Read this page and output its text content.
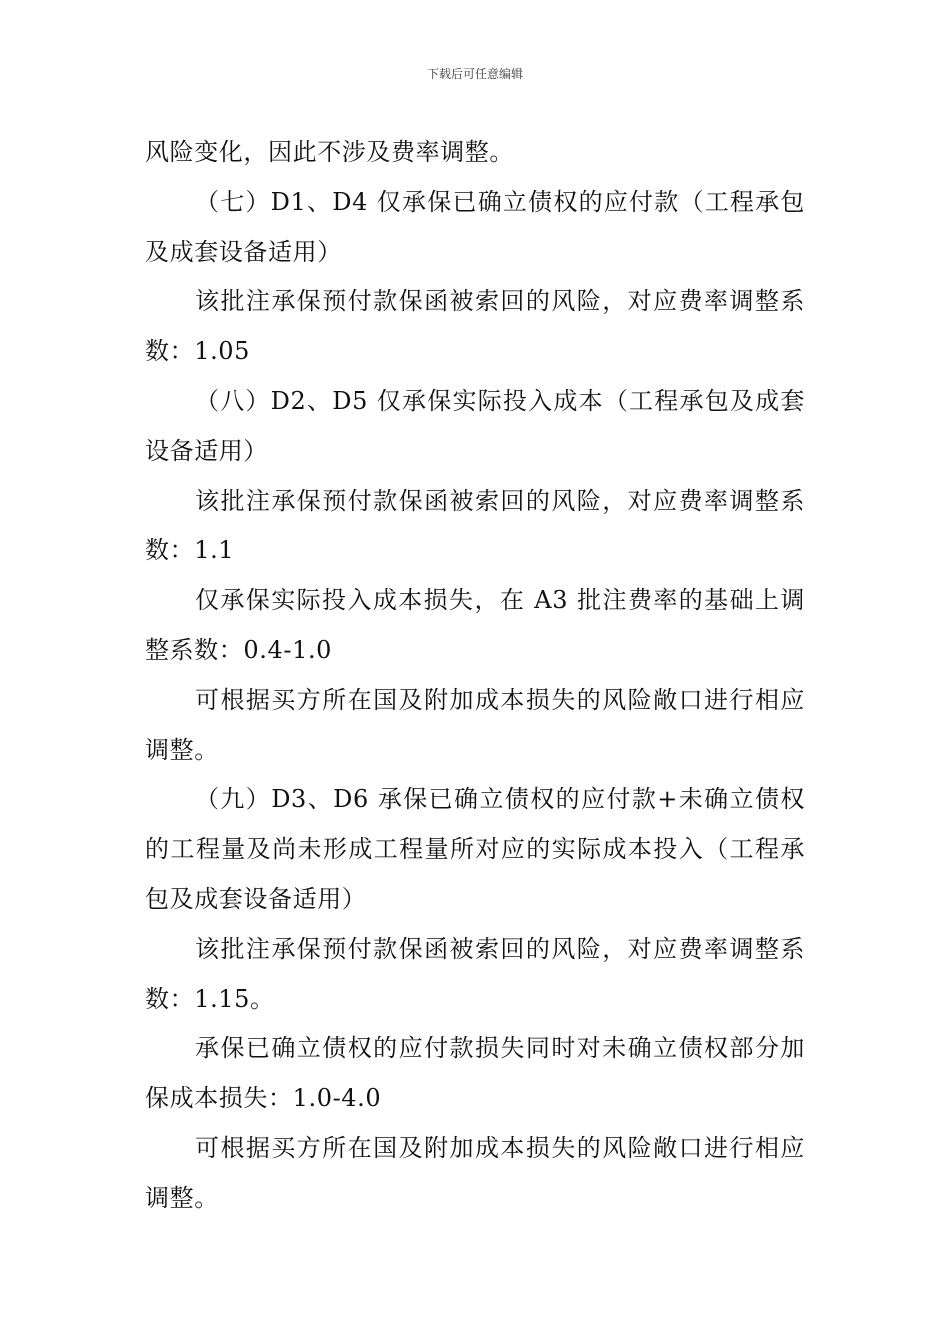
下载后可任意编辑

风险变化，因此不涉及费率调整。

（七）D1、D4 仅承保已确立债权的应付款（工程承包及成套设备适用）

该批注承保预付款保函被索回的风险，对应费率调整系数：1.05

（八）D2、D5 仅承保实际投入成本（工程承包及成套设备适用）

该批注承保预付款保函被索回的风险，对应费率调整系数：1.1

仅承保实际投入成本损失，在 A3 批注费率的基础上调整系数：0.4-1.0

可根据买方所在国及附加成本损失的风险敞口进行相应调整。

（九）D3、D6 承保已确立债权的应付款+未确立债权的工程量及尚未形成工程量所对应的实际成本投入（工程承包及成套设备适用）

该批注承保预付款保函被索回的风险，对应费率调整系数：1.15。

承保已确立债权的应付款损失同时对未确立债权部分加保成本损失：1.0-4.0

可根据买方所在国及附加成本损失的风险敞口进行相应调整。
